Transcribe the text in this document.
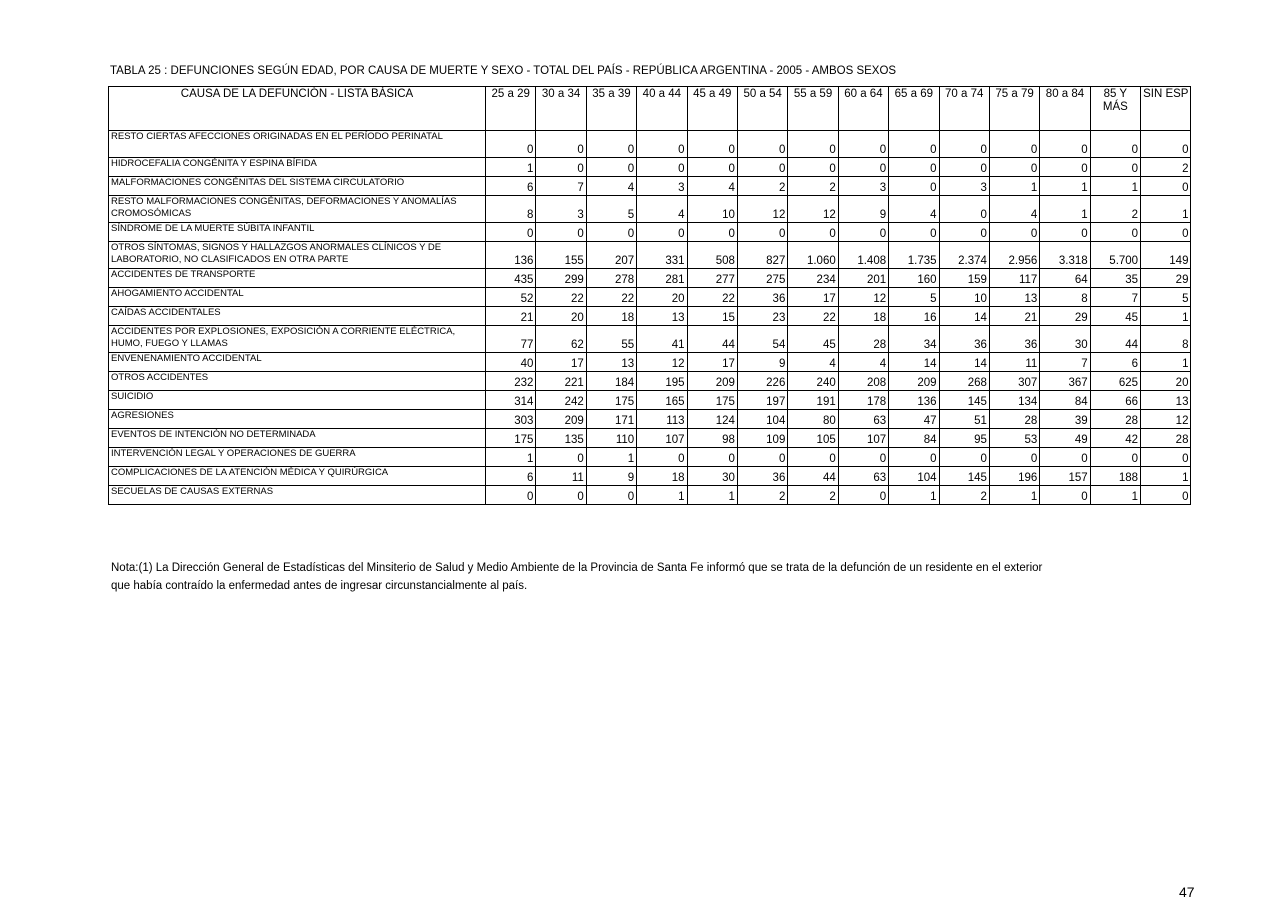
TABLA 25 : DEFUNCIONES SEGÚN EDAD, POR CAUSA DE MUERTE Y SEXO - TOTAL DEL PAÍS - REPÚBLICA ARGENTINA - 2005 - AMBOS SEXOS
CAUSA DE LA DEFUNCIÓN - LISTA BÁSICA	25 a 29	30 a 34	35 a 39	40 a 44	45 a 49	50 a 54	55 a 59	60 a 64	65 a 69	70 a 74	75 a 79	80 a 84	85 Y MÁS	SIN ESP
RESTO CIERTAS AFECCIONES ORIGINADAS EN EL PERÍODO PERINATAL	0	0	0	0	0	0	0	0	0	0	0	0	0	0
HIDROCEFALIA CONGÉNITA Y ESPINA BÍFIDA	1	0	0	0	0	0	0	0	0	0	0	0	0	2
MALFORMACIONES CONGÉNITAS DEL SISTEMA CIRCULATORIO	6	7	4	3	4	2	2	3	0	3	1	1	1	0
RESTO MALFORMACIONES CONGÉNITAS, DEFORMACIONES Y ANOMALÍAS CROMOSÓMICAS	8	3	5	4	10	12	12	9	4	0	4	1	2	1
SÍNDROME DE LA MUERTE SÚBITA INFANTIL	0	0	0	0	0	0	0	0	0	0	0	0	0	0
OTROS SÍNTOMAS, SIGNOS Y HALLAZGOS ANORMALES CLÍNICOS Y DE LABORATORIO, NO CLASIFICADOS EN OTRA PARTE	136	155	207	331	508	827	1.060	1.408	1.735	2.374	2.956	3.318	5.700	149
ACCIDENTES DE TRANSPORTE	435	299	278	281	277	275	234	201	160	159	117	64	35	29
AHOGAMIENTO ACCIDENTAL	52	22	22	20	22	36	17	12	5	10	13	8	7	5
CAÍDAS ACCIDENTALES	21	20	18	13	15	23	22	18	16	14	21	29	45	1
ACCIDENTES POR EXPLOSIONES, EXPOSICIÓN A CORRIENTE ELÉCTRICA, HUMO, FUEGO Y LLAMAS	77	62	55	41	44	54	45	28	34	36	36	30	44	8
ENVENENAMIENTO ACCIDENTAL	40	17	13	12	17	9	4	4	14	14	11	7	6	1
OTROS ACCIDENTES	232	221	184	195	209	226	240	208	209	268	307	367	625	20
SUICIDIO	314	242	175	165	175	197	191	178	136	145	134	84	66	13
AGRESIONES	303	209	171	113	124	104	80	63	47	51	28	39	28	12
EVENTOS DE INTENCIÓN NO DETERMINADA	175	135	110	107	98	109	105	107	84	95	53	49	42	28
INTERVENCIÓN LEGAL Y OPERACIONES DE GUERRA	1	0	1	0	0	0	0	0	0	0	0	0	0	0
COMPLICACIONES DE LA ATENCIÓN MÉDICA Y QUIRÚRGICA	6	11	9	18	30	36	44	63	104	145	196	157	188	1
SECUELAS DE CAUSAS EXTERNAS	0	0	0	1	1	2	2	0	1	2	1	0	1	0
Nota:(1) La Dirección General de Estadísticas del Minsiterio de Salud y Medio Ambiente de la Provincia de Santa Fe informó que se trata de la defunción de un residente en el exterior
que había contraído la enfermedad antes de ingresar circunstancialmente al país.
47
